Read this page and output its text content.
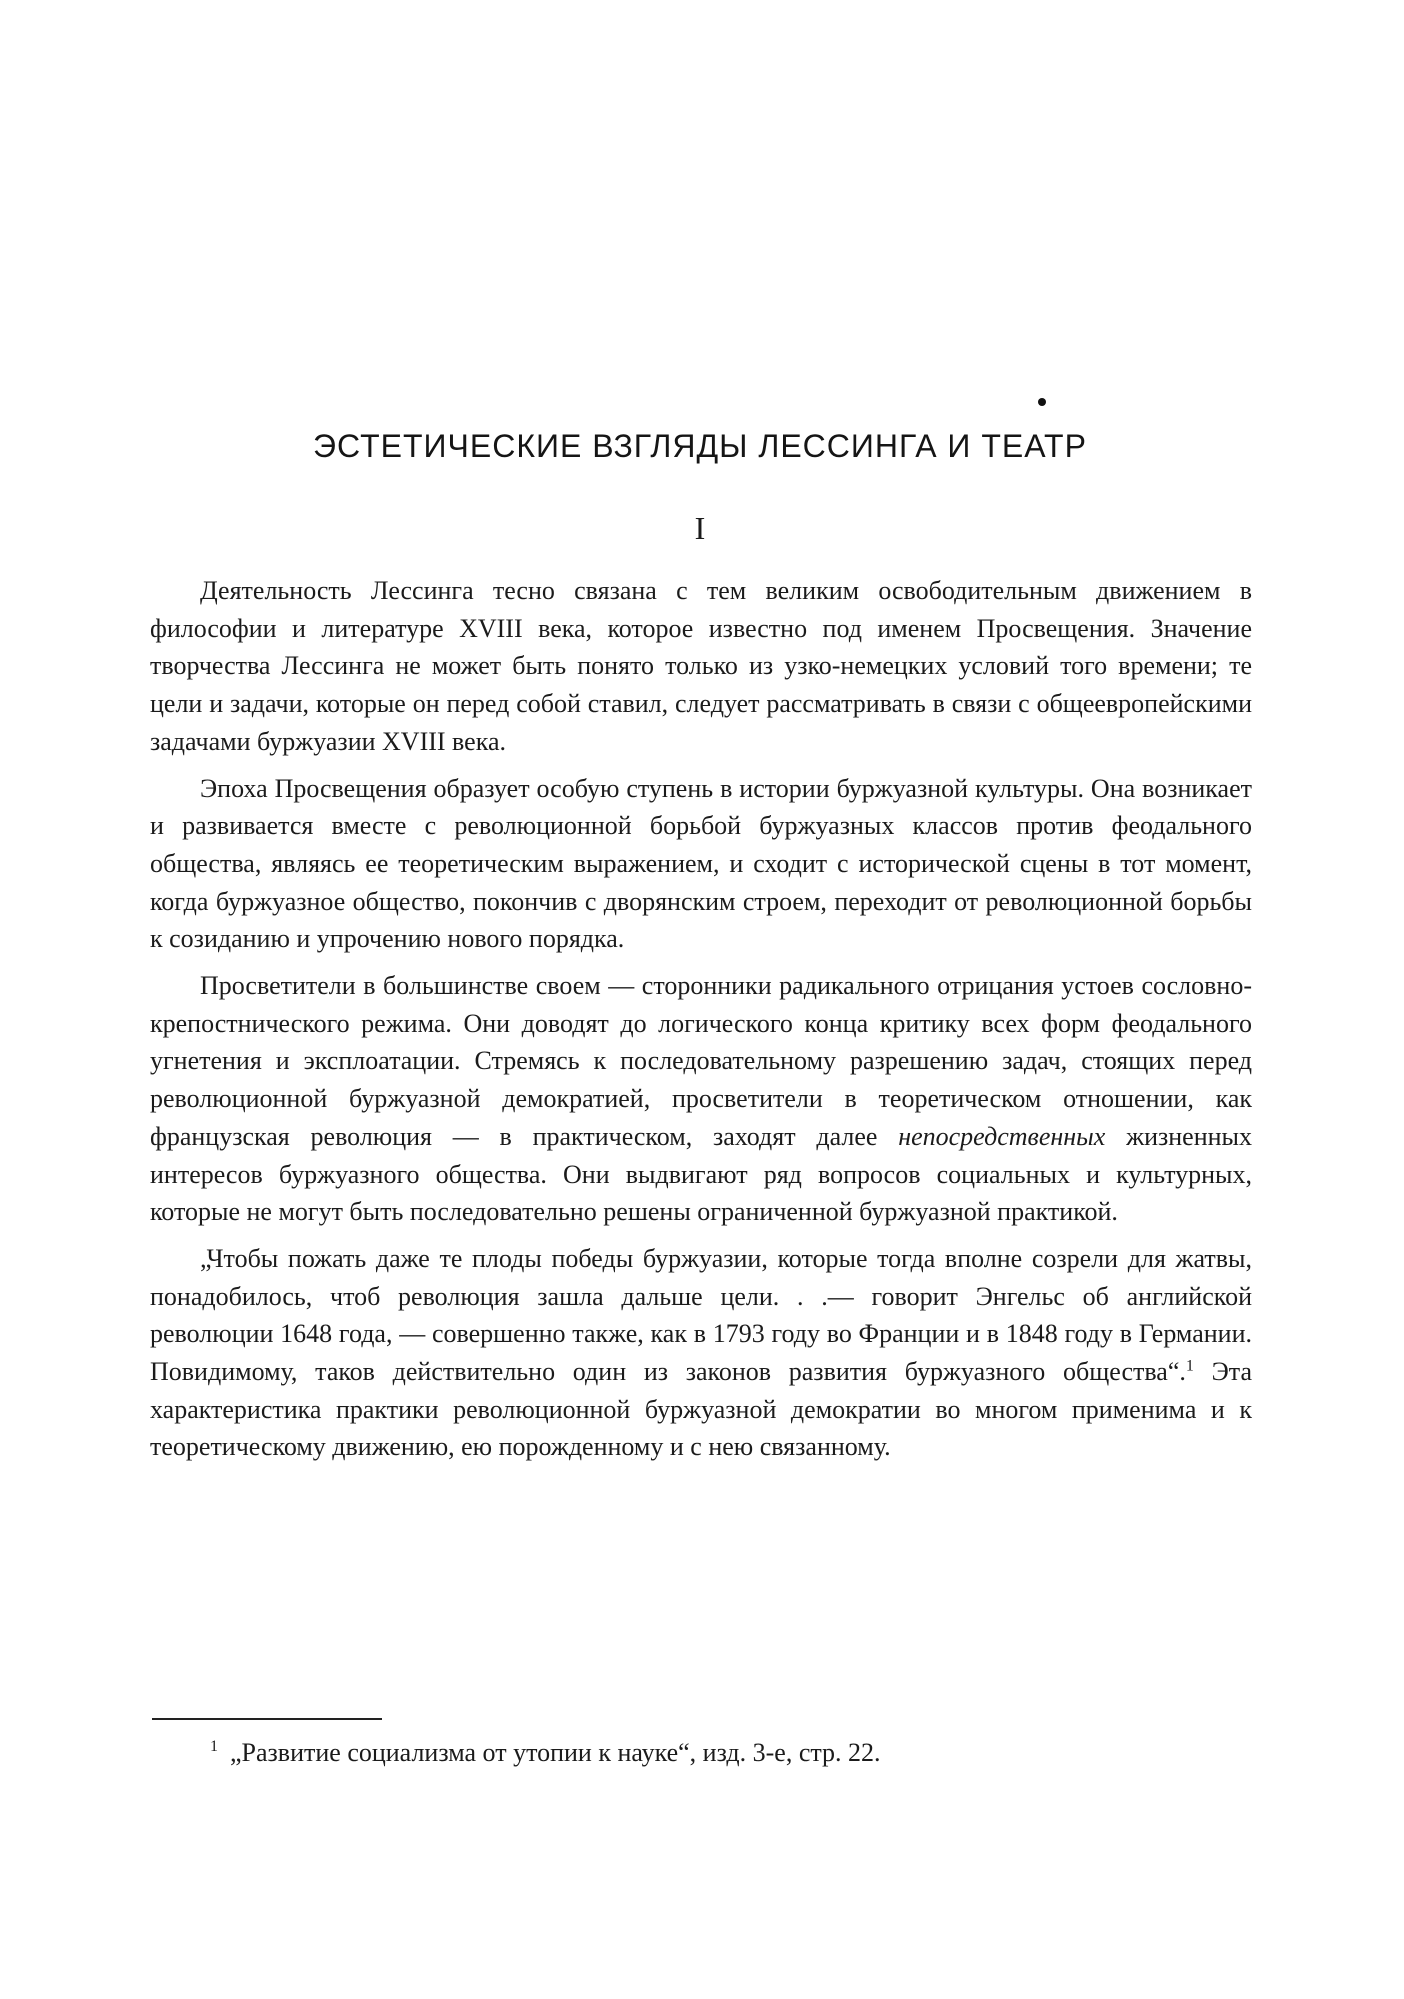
ЭСТЕТИЧЕСКИЕ ВЗГЛЯДЫ ЛЕССИНГА И ТЕАТР
I

Деятельность Лессинга тесно связана с тем великим освободительным движением в философии и литературе XVIII века, которое известно под именем Просвещения. Значение творчества Лессинга не может быть понято только из узко-немецких условий того времени; те цели и задачи, которые он перед собой ставил, следует рассматривать в связи с общеевропейскими задачами буржуазии XVIII века.

Эпоха Просвещения образует особую ступень в истории буржуазной культуры. Она возникает и развивается вместе с революционной борьбой буржуазных классов против феодального общества, являясь ее теоретическим выражением, и сходит с исторической сцены в тот момент, когда буржуазное общество, покончив с дворянским строем, переходит от революционной борьбы к созиданию и упрочению нового порядка.

Просветители в большинстве своем — сторонники радикального отрицания устоев сословно-крепостнического режима. Они доводят до логического конца критику всех форм феодального угнетения и эксплоатации. Стремясь к последовательному разрешению задач, стоящих перед революционной буржуазной демократией, просветители в теоретическом отношении, как французская революция — в практическом, заходят далее непосредственных жизненных интересов буржуазного общества. Они выдвигают ряд вопросов социальных и культурных, которые не могут быть последовательно решены ограниченной буржуазной практикой.

„Чтобы пожать даже те плоды победы буржуазии, которые тогда вполне созрели для жатвы, понадобилось, чтоб революция зашла дальше цели. . .— говорит Энгельс об английской революции 1648 года, — совершенно также, как в 1793 году во Франции и в 1848 году в Германии. Повидимому, таков действительно один из законов развития буржуазного общества“.$^1$ Эта характеристика практики революционной буржуазной демократии во многом применима и к теоретическому движению, ею порожденному и с нею связанному.

$^1$ „Развитие социализма от утопии к науке“, изд. 3-е, стр. 22.
